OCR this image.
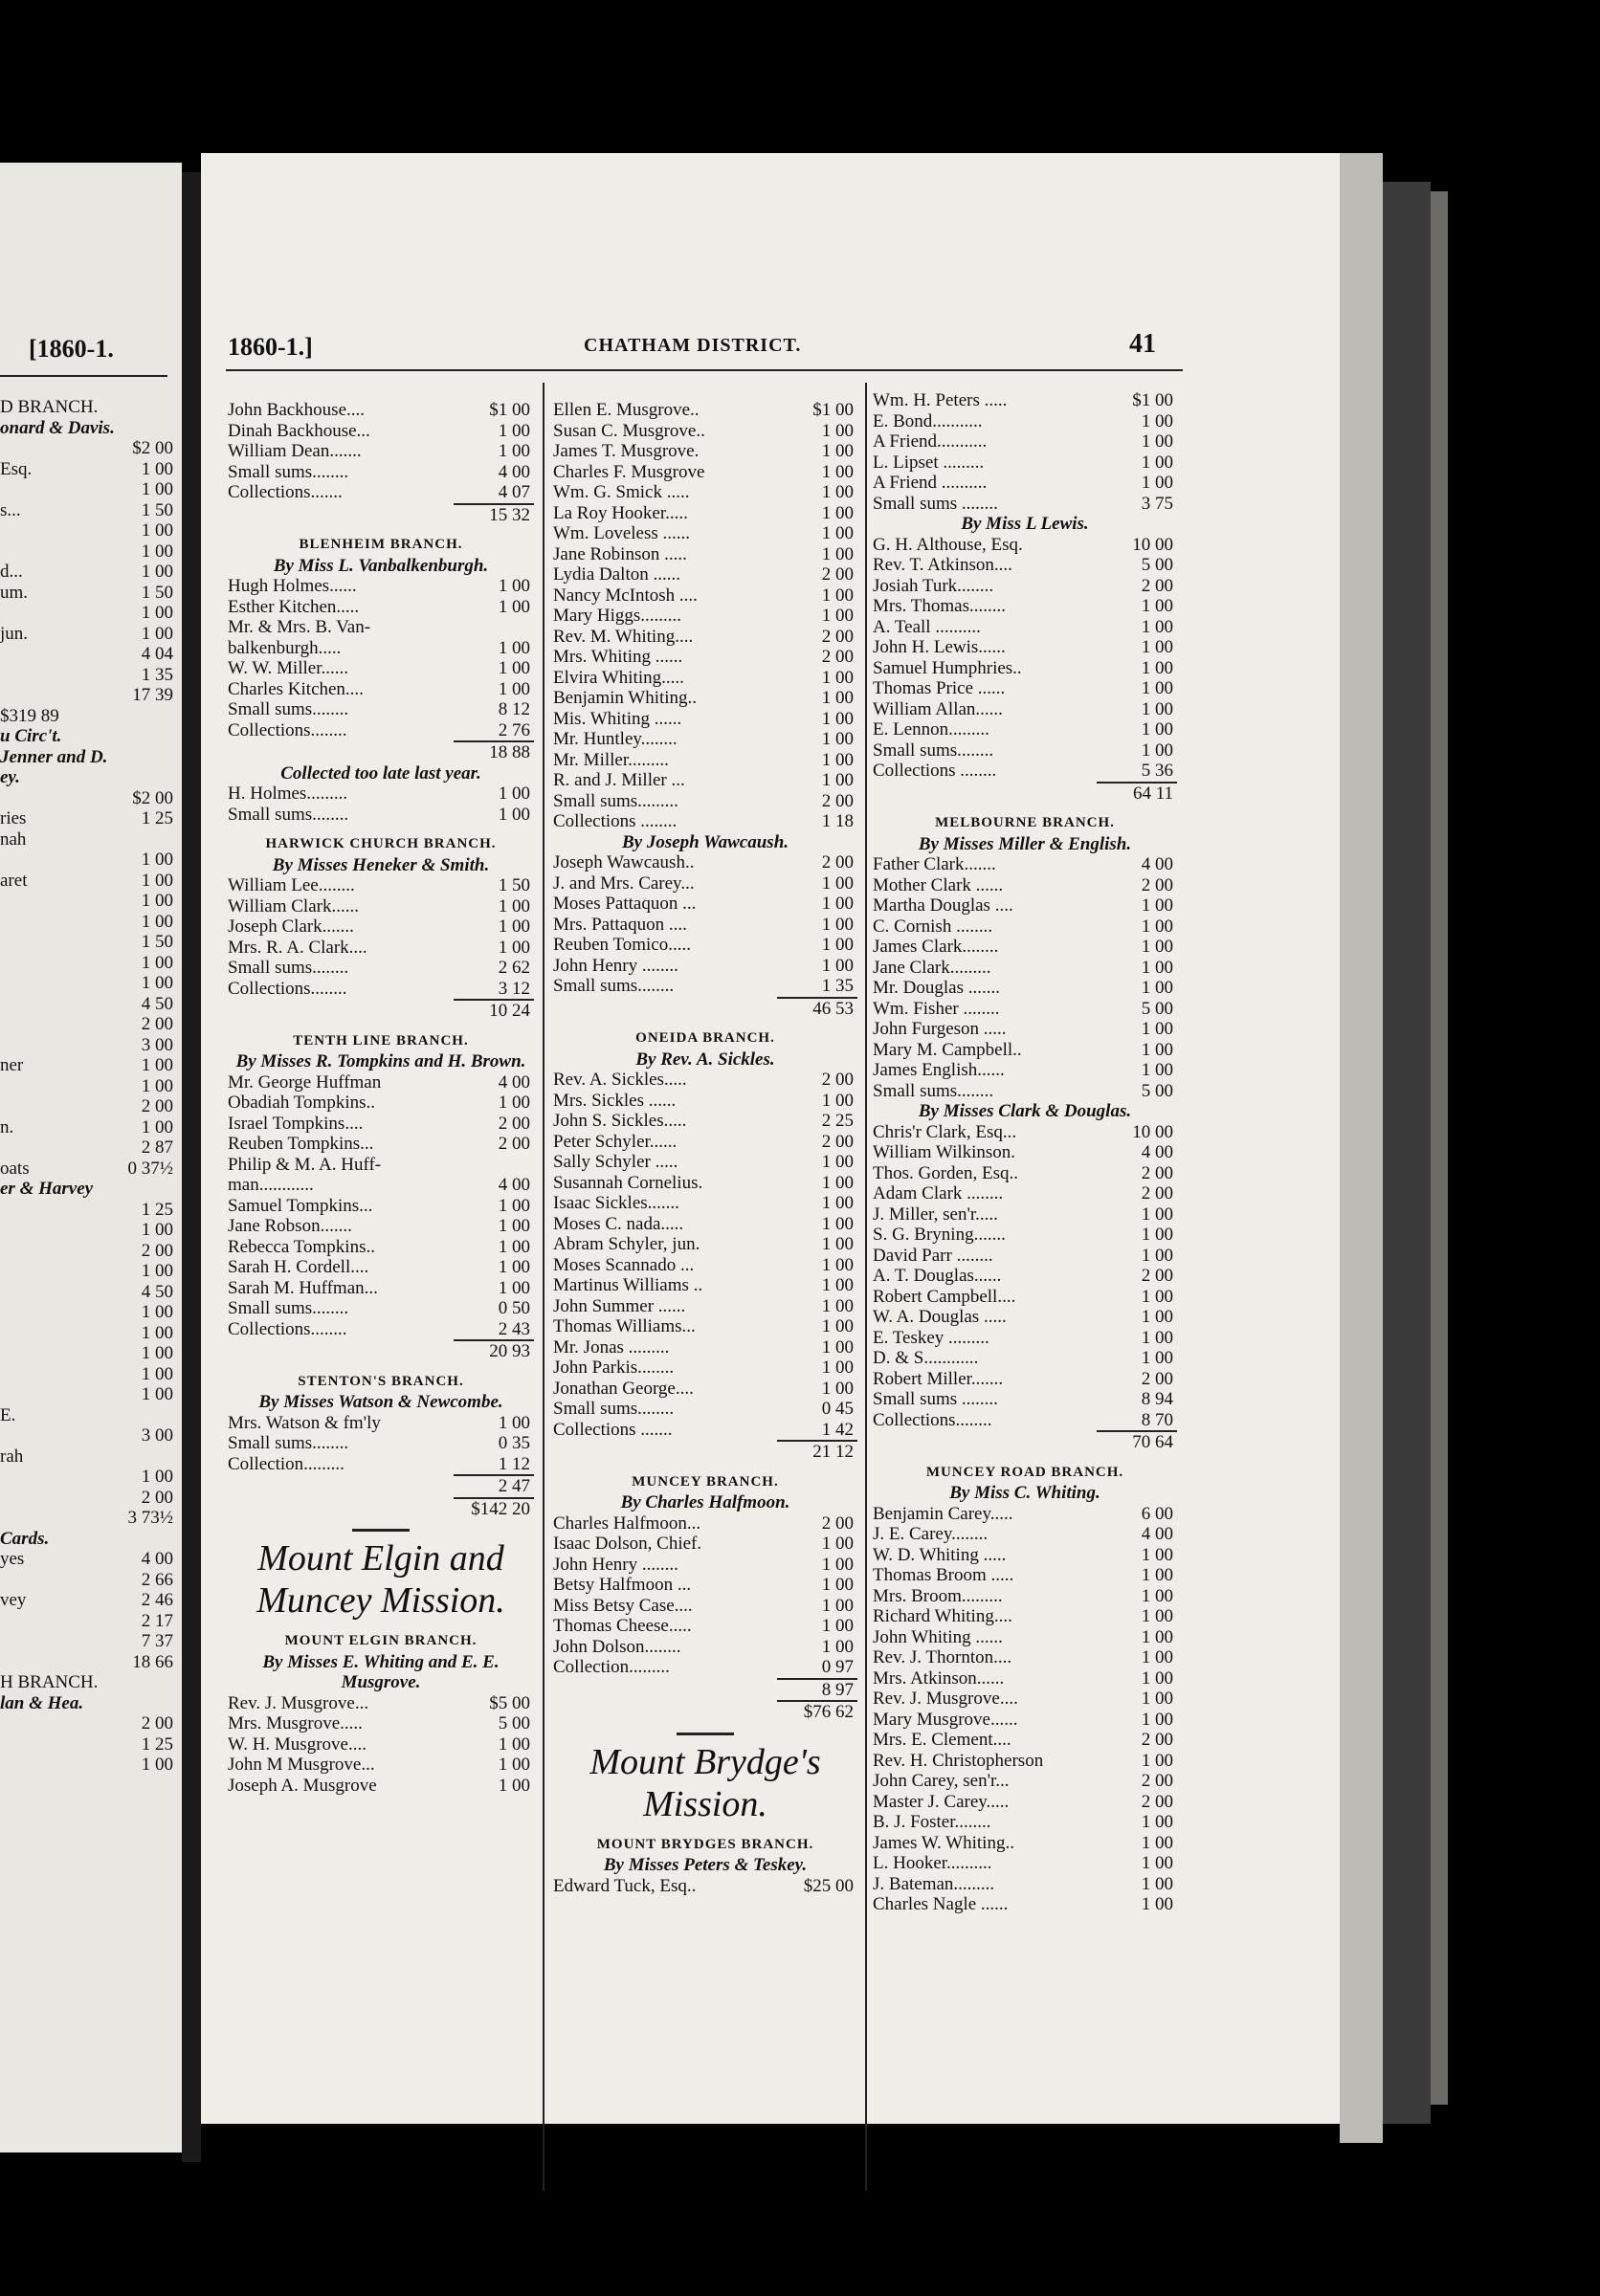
[1860-1.
D BRANCH.
onard & Davis.
$2 00
Esq.	1 00
1 00
s...	1 50
1 00
1 00
d...	1 00
um.	1 50
1 00
jun.	1 00
4 04
1 35
17 39
$319 89
u Circ't.
Jenner and D.
ey.
$2 00
ries	1 25
nah
1 00
aret	1 00
1 00
1 00
1 50
1 00
1 00
4 50
2 00
3 00
ner	1 00
1 00
2 00
n.	1 00
2 87
oats	0 37½
er & Harvey
1 25
1 00
2 00
1 00
4 50
1 00
1 00
1 00
1 00
1 00
E.
3 00
rah
1 00
2 00
3 73½
Cards.
yes	4 00
2 66
vey	2 46
2 17
7 37
18 66
H BRANCH.
lan & Hea.
2 00
1 25
1 00
1860-1.]	CHATHAM DISTRICT.	41
John Backhouse....	$1 00
Dinah Backhouse...	1 00
William Dean.......	1 00
Small sums........	4 00
Collections.......	4 07
15 32
BLENHEIM BRANCH.
By Miss L. Vanbalkenburgh.
Hugh Holmes......	1 00
Esther Kitchen.....	1 00
Mr. & Mrs. B. Van-
balkenburgh.....	1 00
W. W. Miller......	1 00
Charles Kitchen....	1 00
Small sums........	8 12
Collections........	2 76
18 88
Collected too late last year.
H. Holmes.........	1 00
Small sums........	1 00
HARWICK CHURCH BRANCH.
By Misses Heneker & Smith.
William Lee........	1 50
William Clark......	1 00
Joseph Clark.......	1 00
Mrs. R. A. Clark....	1 00
Small sums........	2 62
Collections........	3 12
10 24
TENTH LINE BRANCH.
By Misses R. Tompkins and H. Brown.
Mr. George Huffman	4 00
Obadiah Tompkins..	1 00
Israel Tompkins....	2 00
Reuben Tompkins...	2 00
Philip & M. A. Huff-
man............	4 00
Samuel Tompkins...	1 00
Jane Robson.......	1 00
Rebecca Tompkins..	1 00
Sarah H. Cordell....	1 00
Sarah M. Huffman...	1 00
Small sums........	0 50
Collections........	2 43
20 93
STENTON'S BRANCH.
By Misses Watson & Newcombe.
Mrs. Watson & fm'ly	1 00
Small sums........	0 35
Collection.........	1 12
2 47
$142 20
Mount Elgin and Muncey Mission.
MOUNT ELGIN BRANCH.
By Misses E. Whiting and E. E. Musgrove.
Rev. J. Musgrove...	$5 00
Mrs. Musgrove.....	5 00
W. H. Musgrove....	1 00
John M Musgrove...	1 00
Joseph A. Musgrove	1 00
Ellen E. Musgrove..	$1 00
Susan C. Musgrove..	1 00
James T. Musgrove.	1 00
Charles F. Musgrove	1 00
Wm. G. Smick .....	1 00
La Roy Hooker.....	1 00
Wm. Loveless ......	1 00
Jane Robinson .....	1 00
Lydia Dalton ......	2 00
Nancy McIntosh ....	1 00
Mary Higgs.........	1 00
Rev. M. Whiting....	2 00
Mrs. Whiting ......	2 00
Elvira Whiting.....	1 00
Benjamin Whiting..	1 00
Mis. Whiting ......	1 00
Mr. Huntley........	1 00
Mr. Miller.........	1 00
R. and J. Miller ...	1 00
Small sums.........	2 00
Collections ........	1 18
By Joseph Wawcaush.
Joseph Wawcaush..	2 00
J. and Mrs. Carey...	1 00
Moses Pattaquon ...	1 00
Mrs. Pattaquon ....	1 00
Reuben Tomico.....	1 00
John Henry ........	1 00
Small sums........	1 35
46 53
ONEIDA BRANCH.
By Rev. A. Sickles.
Rev. A. Sickles.....	2 00
Mrs. Sickles ......	1 00
John S. Sickles.....	2 25
Peter Schyler......	2 00
Sally Schyler .....	1 00
Susannah Cornelius.	1 00
Isaac Sickles.......	1 00
Moses C. nada.....	1 00
Abram Schyler, jun.	1 00
Moses Scannado ...	1 00
Martinus Williams ..	1 00
John Summer ......	1 00
Thomas Williams...	1 00
Mr. Jonas .........	1 00
John Parkis........	1 00
Jonathan George....	1 00
Small sums........	0 45
Collections .......	1 42
21 12
MUNCEY BRANCH.
By Charles Halfmoon.
Charles Halfmoon...	2 00
Isaac Dolson, Chief.	1 00
John Henry ........	1 00
Betsy Halfmoon ...	1 00
Miss Betsy Case....	1 00
Thomas Cheese.....	1 00
John Dolson........	1 00
Collection.........	0 97
8 97
$76 62
Mount Brydge's Mission.
MOUNT BRYDGES BRANCH.
By Misses Peters & Teskey.
Edward Tuck, Esq..	$25 00
Wm. H. Peters .....	$1 00
E. Bond...........	1 00
A Friend...........	1 00
L. Lipset .........	1 00
A Friend ..........	1 00
Small sums ........	3 75
By Miss L Lewis.
G. H. Althouse, Esq.	10 00
Rev. T. Atkinson....	5 00
Josiah Turk........	2 00
Mrs. Thomas........	1 00
A. Teall ..........	1 00
John H. Lewis......	1 00
Samuel Humphries..	1 00
Thomas Price ......	1 00
William Allan......	1 00
E. Lennon.........	1 00
Small sums........	1 00
Collections ........	5 36
64 11
MELBOURNE BRANCH.
By Misses Miller & English.
Father Clark.......	4 00
Mother Clark ......	2 00
Martha Douglas ....	1 00
C. Cornish ........	1 00
James Clark........	1 00
Jane Clark.........	1 00
Mr. Douglas .......	1 00
Wm. Fisher ........	5 00
John Furgeson .....	1 00
Mary M. Campbell..	1 00
James English......	1 00
Small sums........	5 00
By Misses Clark & Douglas.
Chris'r Clark, Esq...	10 00
William Wilkinson.	4 00
Thos. Gorden, Esq..	2 00
Adam Clark ........	2 00
J. Miller, sen'r.....	1 00
S. G. Bryning.......	1 00
David Parr ........	1 00
A. T. Douglas......	2 00
Robert Campbell....	1 00
W. A. Douglas .....	1 00
E. Teskey .........	1 00
D. & S............	1 00
Robert Miller.......	2 00
Small sums ........	8 94
Collections........	8 70
70 64
MUNCEY ROAD BRANCH.
By Miss C. Whiting.
Benjamin Carey.....	6 00
J. E. Carey........	4 00
W. D. Whiting .....	1 00
Thomas Broom .....	1 00
Mrs. Broom.........	1 00
Richard Whiting....	1 00
John Whiting ......	1 00
Rev. J. Thornton....	1 00
Mrs. Atkinson......	1 00
Rev. J. Musgrove....	1 00
Mary Musgrove......	1 00
Mrs. E. Clement....	2 00
Rev. H. Christopherson	1 00
John Carey, sen'r...	2 00
Master J. Carey.....	2 00
B. J. Foster........	1 00
James W. Whiting..	1 00
L. Hooker..........	1 00
J. Bateman.........	1 00
Charles Nagle ......	1 00
